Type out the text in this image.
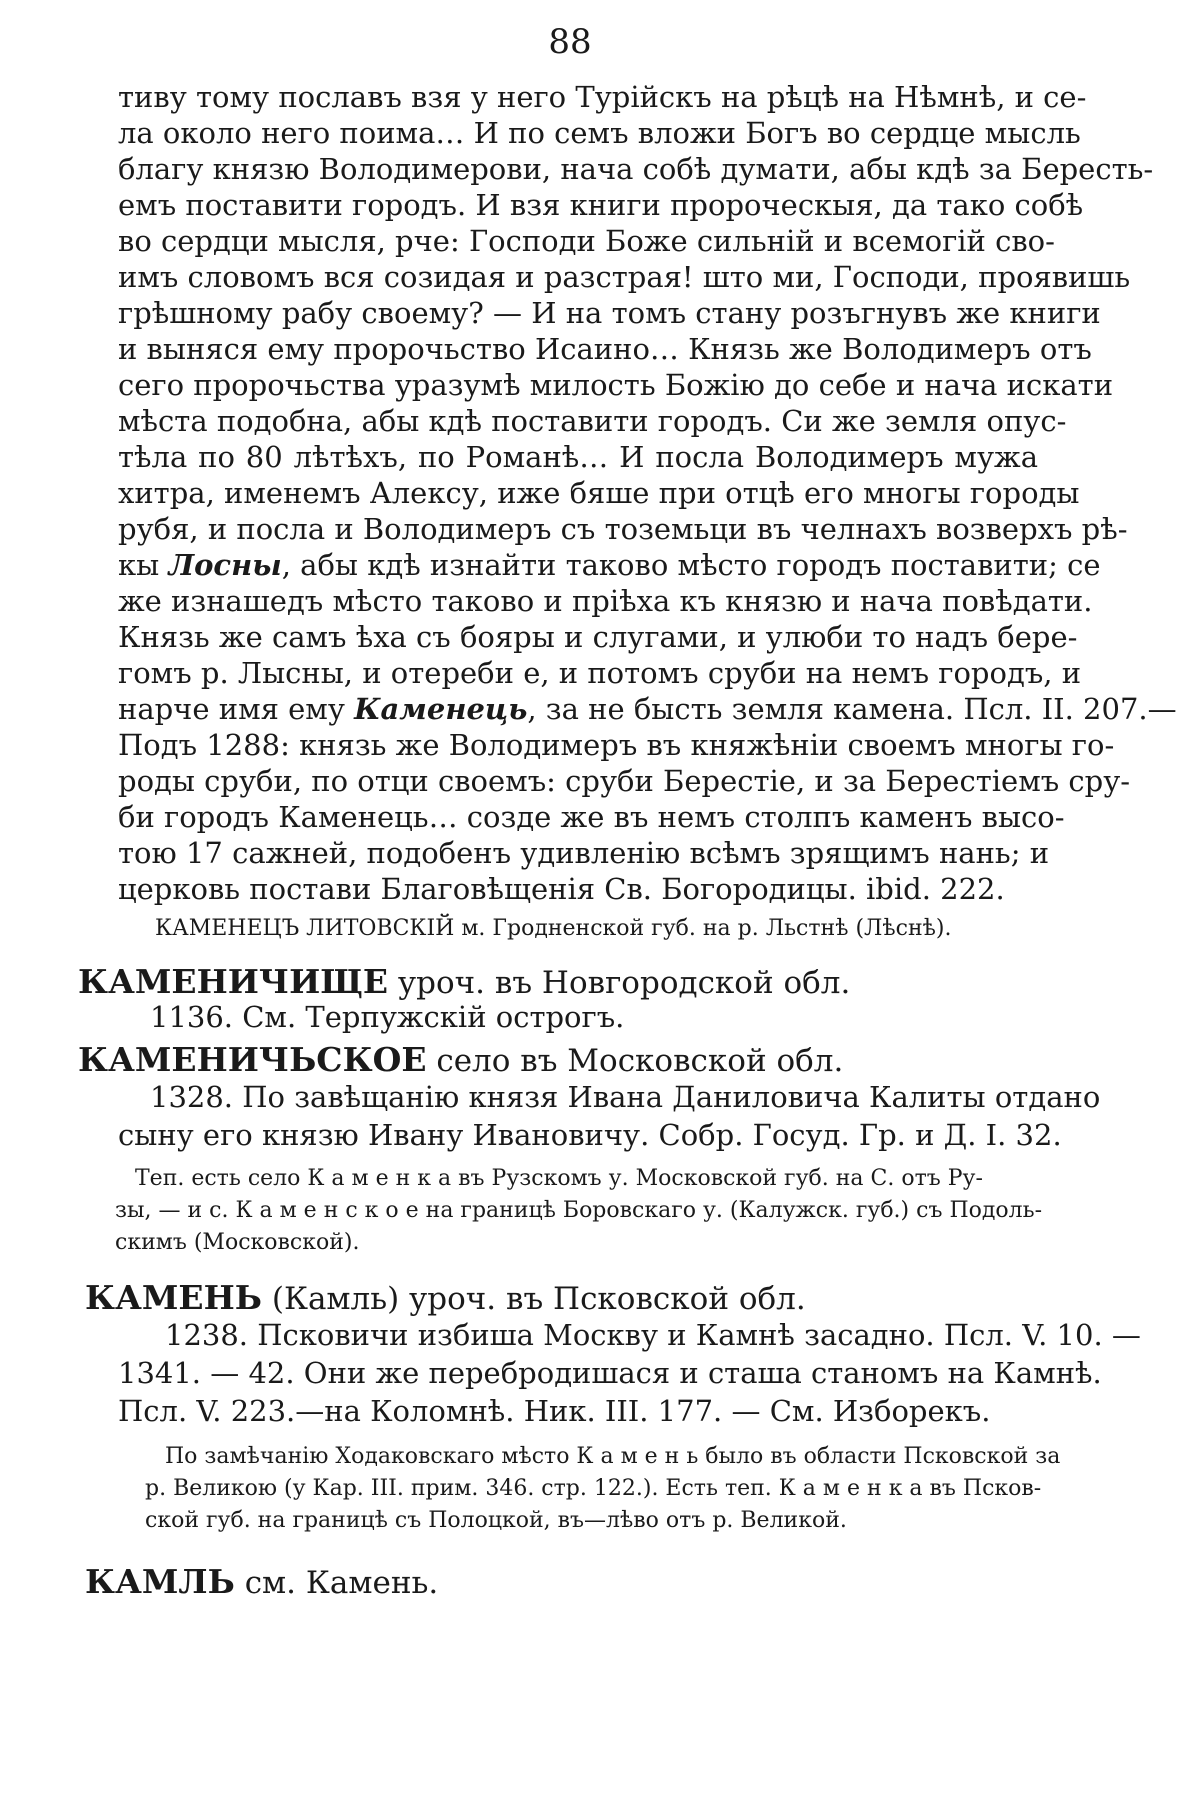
88
тиву тому пославъ взя у него Турійскъ на рѣцѣ на Нѣмнѣ, и се-
ла около него поима… И по семъ вложи Богъ во сердце мысль
благу князю Володимерови, нача собѣ думати, абы кдѣ за Бересть-
емъ поставити городъ. И взя книги пророческыя, да тако собѣ
во сердци мысля, рче: Господи Боже сильній и всемогій сво-
имъ словомъ вся созидая и разстрая! што ми, Господи, проявишь
грѣшному рабу своему? — И на томъ стану розъгнувъ же книги
и выняся ему пророчьство Исаино… Князь же Володимеръ отъ
сего пророчьства уразумѣ милость Божію до себе и нача искати
мѣста подобна, абы кдѣ поставити городъ. Си же земля опус-
тѣла по 80 лѣтѣхъ, по Романѣ… И посла Володимеръ мужа
хитра, именемъ Алексу, иже бяше при отцѣ его многы городы
рубя, и посла и Володимеръ съ тоземьци въ челнахъ возверхъ рѣ-
кы Лосны, абы кдѣ изнайти таково мѣсто городъ поставити; се
же изнашедъ мѣсто таково и прiѣха къ князю и нача повѣдати.
Князь же самъ ѣха съ бояры и слугами, и улюби то надъ бере-
гомъ р. Лысны, и отереби е, и потомъ сруби на немъ городъ, и
нарче имя ему Каменець, за не бысть земля камена. Псл. II. 207.—
Подъ 1288: князь же Володимеръ въ княжѣніи своемъ многы го-
роды сруби, по отци своемъ: сруби Берестіе, и за Берестіемъ сру-
би городъ Каменець… созде же въ немъ столпъ каменъ высо-
тою 17 сажней, подобенъ удивленію всѣмъ зрящимъ нань; и
церковь постави Благовѣщенія Св. Богородицы. ibid. 222.
КАМЕНЕЦЪ ЛИТОВСКІЙ м. Гродненской губ. на р. Льстнѣ (Лѣснѣ).
КАМЕНИЧИЩЕ уроч. въ Новгородской обл.
1136. См. Терпужскій острогъ.
КАМЕНИЧЬСКОЕ село въ Московской обл.
1328. По завѣщанію князя Ивана Даниловича Калиты отдано
сыну его князю Ивану Ивановичу. Собр. Госуд. Гр. и Д. I. 32.
Теп. есть село К а м е н к а въ Рузскомъ у. Московской губ. на С. отъ Ру-
зы, — и с. К а м е н с к о е на границѣ Боровскаго у. (Калужск. губ.) съ Подоль-
скимъ (Московской).
КАМЕНЬ (Камль) уроч. въ Псковской обл.
1238. Псковичи избиша Москву и Камнѣ засадно. Псл. V. 10. —
1341. — 42. Они же перебродишася и сташа станомъ на Камнѣ.
Псл. V. 223.—на Коломнѣ. Ник. III. 177. — См. Изборекъ.
По замѣчанію Ходаковскаго мѣсто К а м е н ь было въ области Псковской за
р. Великою (у Кар. III. прим. 346. стр. 122.). Есть теп. К а м е н к а въ Псков-
ской губ. на границѣ съ Полоцкой, въ—лѣво отъ р. Великой.
КАМЛЬ см. Камень.
